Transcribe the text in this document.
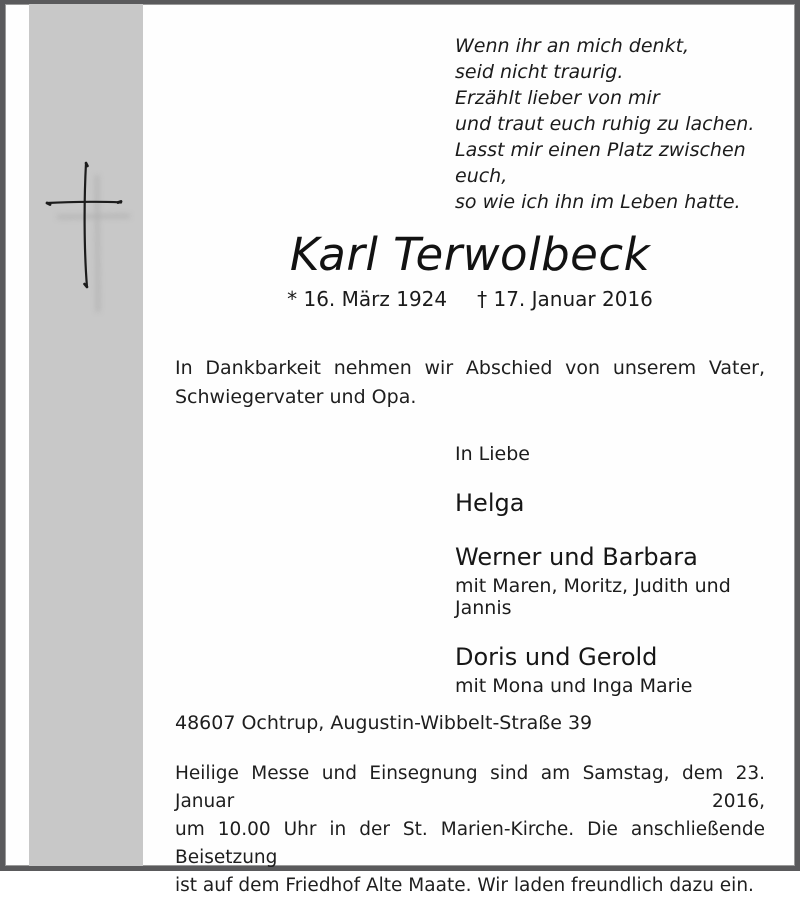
Wenn ihr an mich denkt,
seid nicht traurig.
Erzählt lieber von mir
und traut euch ruhig zu lachen.
Lasst mir einen Platz zwischen euch,
so wie ich ihn im Leben hatte.
Karl Terwolbeck
* 16. März 1924 † 17. Januar 2016
In Dankbarkeit nehmen wir Abschied von unserem Vater,
Schwiegervater und Opa.
In Liebe
Helga
Werner und Barbara
mit Maren, Moritz, Judith und Jannis
Doris und Gerold
mit Mona und Inga Marie
48607 Ochtrup, Augustin-Wibbelt-Straße 39
Heilige Messe und Einsegnung sind am Samstag, dem 23. Januar 2016,
um 10.00 Uhr in der St. Marien-Kirche. Die anschließende Beisetzung
ist auf dem Friedhof Alte Maate. Wir laden freundlich dazu ein.
